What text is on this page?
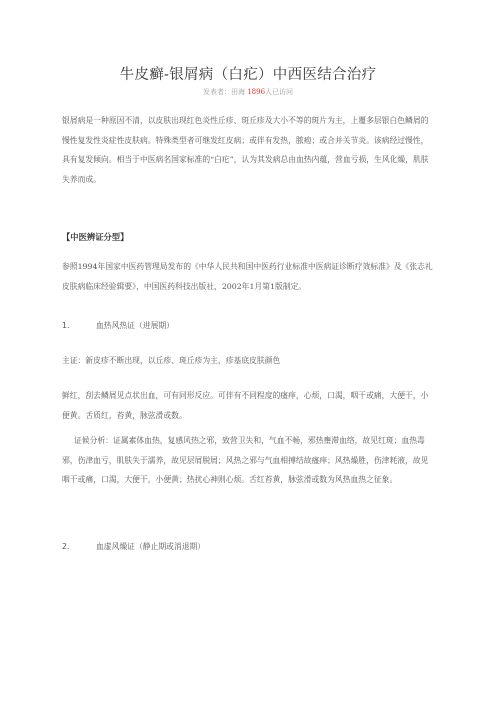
牛皮癣-银屑病（白疕）中西医结合治疗
发表者：田海 1896人已访问

银屑病是一种原因不清，以皮肤出现红色炎性丘疹、斑丘疹及大小不等的斑片为主，上覆多层银白色鳞屑的慢性复发性炎症性皮肤病。特殊类型者可继发红皮病；或伴有发热，脓疱；或合并关节炎。该病经过慢性，具有复发倾向。相当于中医病名国家标准的“白疕”，认为其发病总由血热内蕴，营血亏损，生风化燥，肌肤失养而成。

【中医辨证分型】

参照1994年国家中医药管理局发布的《中华人民共和国中医药行业标准中医病证诊断疗效标准》及《张志礼皮肤病临床经验辑要》，中国医药科技出版社，2002年1月第1版制定。

1.	血热风热证（进展期）

主证：新皮疹不断出现，以丘疹、斑丘疹为主，疹基底皮肤颜色

鲜红，刮去鳞屑见点状出血，可有同形反应。可伴有不同程度的瘙痒，心烦，口渴，咽干或痛，大便干，小便黄。舌质红，苔黄，脉弦滑或数。

证候分析：证属素体血热，复感风热之邪，致营卫失和，气血不畅，邪热壅滞血络，故见红斑；血热毒邪，伤津血亏，肌肤失于濡养，故见层屑脱屑；风热之邪与气血相搏结故瘙痒；风热燥胜，伤津耗液，故见咽干或痛，口渴，大便干，小便黄；热扰心神则心烦。舌红苔黄，脉弦滑或数为风热血热之征象。

2.	血虚风燥证（静止期或消退期）
